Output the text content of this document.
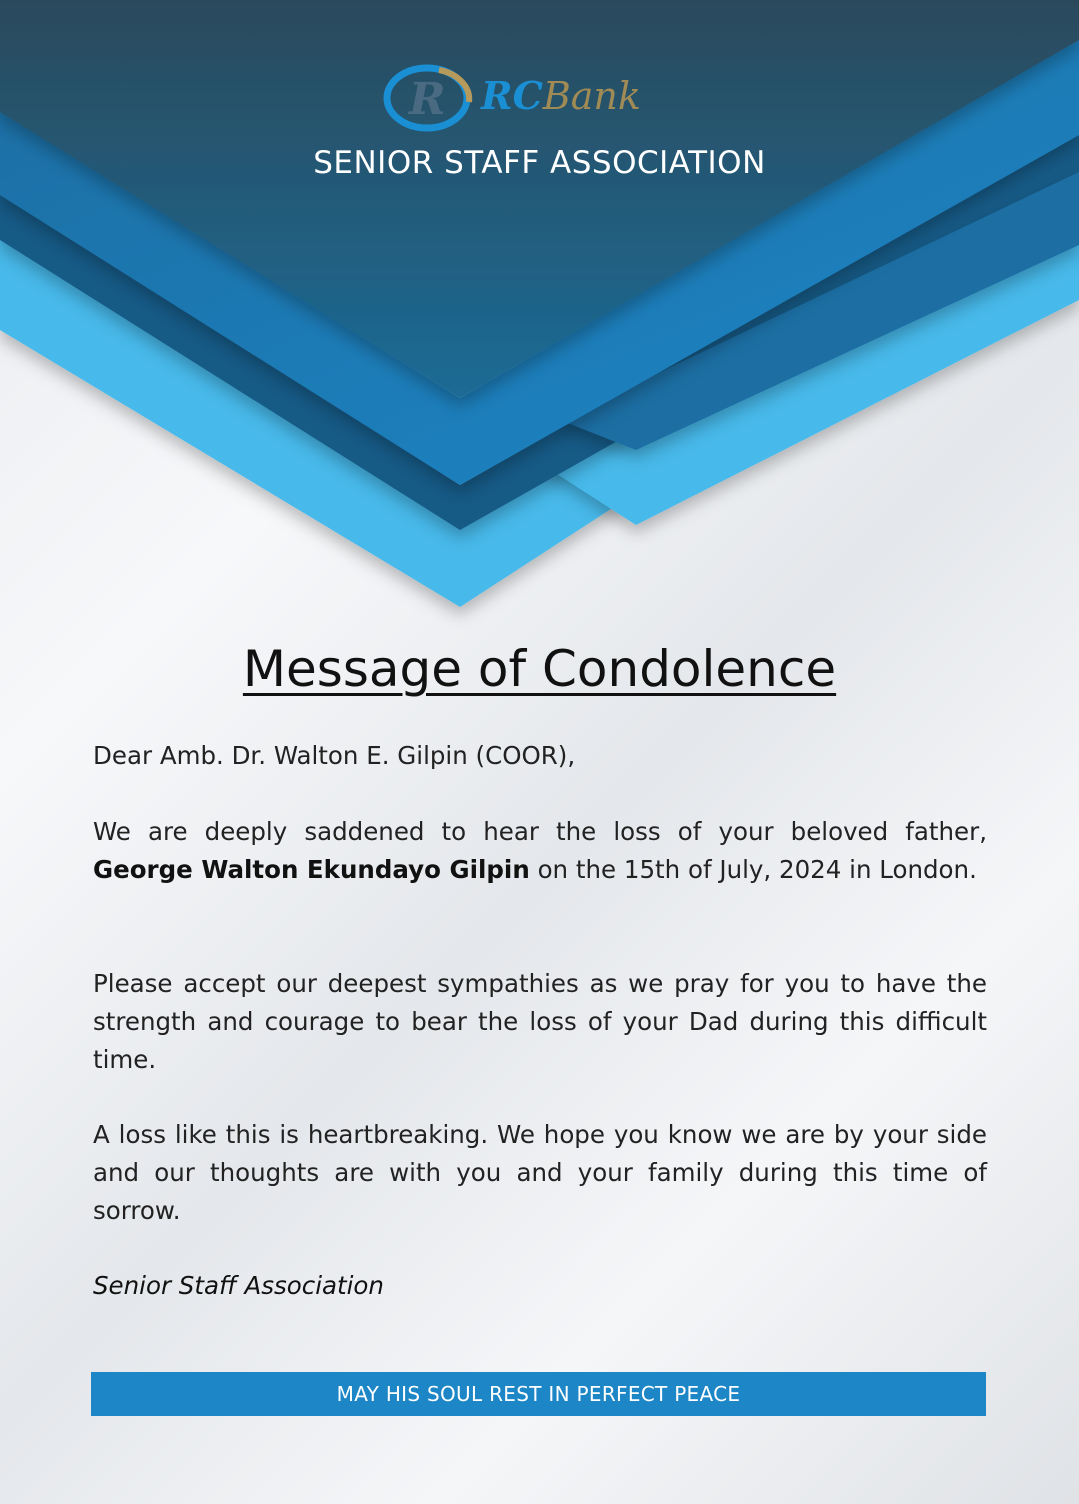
R RCBank
SENIOR STAFF ASSOCIATION
Message of Condolence
Dear Amb. Dr. Walton E. Gilpin (COOR),
We are deeply saddened to hear the loss of your beloved father, George Walton Ekundayo Gilpin on the 15th of July, 2024 in London.
Please accept our deepest sympathies as we pray for you to have the strength and courage to bear the loss of your Dad during this difficult time.
A loss like this is heartbreaking. We hope you know we are by your side and our thoughts are with you and your family during this time of sorrow.
Senior Staff Association
MAY HIS SOUL REST IN PERFECT PEACE
